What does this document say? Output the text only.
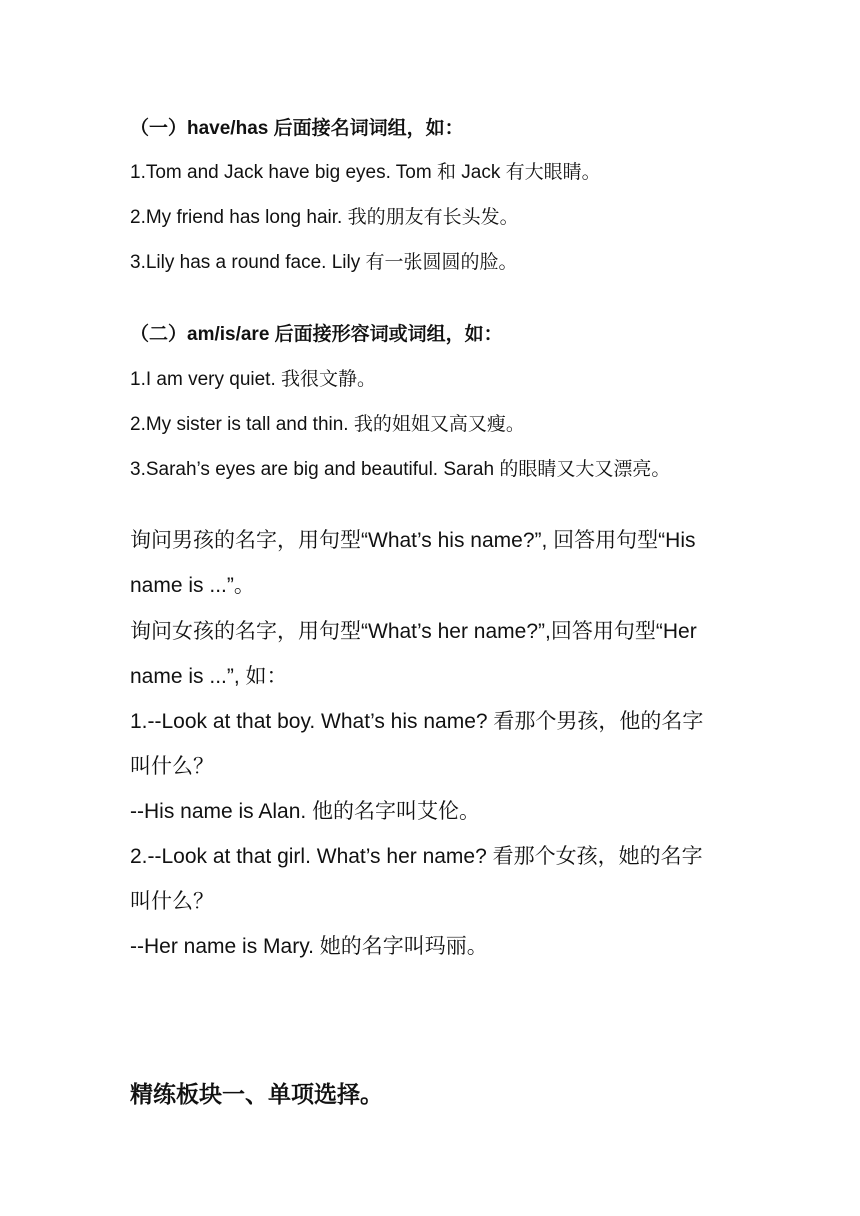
（一）have/has 后面接名词词组，如：
1.Tom and Jack have big eyes. Tom 和 Jack 有大眼睛。
2.My friend has long hair. 我的朋友有长头发。
3.Lily has a round face. Lily 有一张圆圆的脸。
（二）am/is/are 后面接形容词或词组，如：
1.I am very quiet. 我很文静。
2.My sister is tall and thin. 我的姐姐又高又瘦。
3.Sarah’s eyes are big and beautiful. Sarah 的眼睛又大又漂亮。
询问男孩的名字，用句型“What’s his name?”, 回答用句型“His
name is ...”。
询问女孩的名字，用句型“What’s her name?”,回答用句型“Her
name is ...”, 如：
1.--Look at that boy. What’s his name? 看那个男孩，他的名字
叫什么？
--His name is Alan. 他的名字叫艾伦。
2.--Look at that girl. What’s her name? 看那个女孩，她的名字
叫什么？
--Her name is Mary. 她的名字叫玛丽。
精练板块一、单项选择。
